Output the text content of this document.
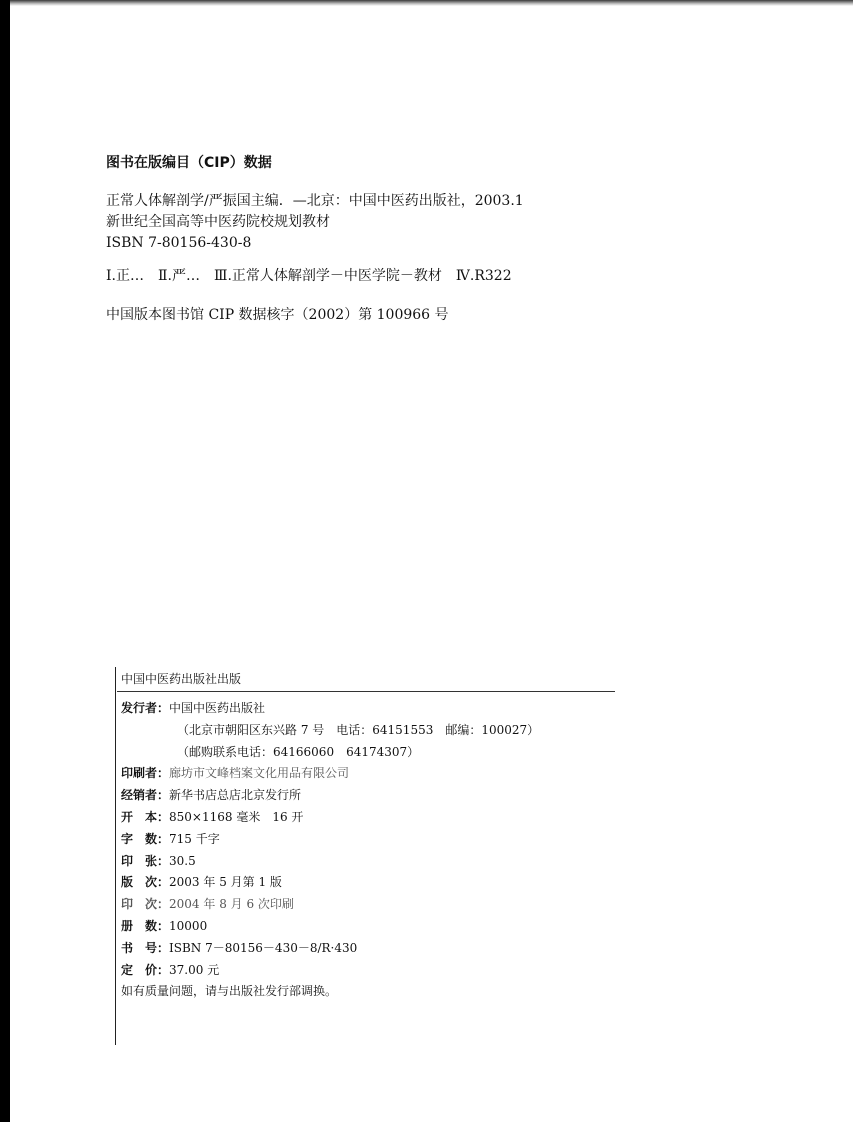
图书在版编目（CIP）数据
正常人体解剖学/严振国主编．—北京：中国中医药出版社，2003.1
新世纪全国高等中医药院校规划教材
ISBN 7-80156-430-8
Ⅰ.正…　Ⅱ.严…　Ⅲ.正常人体解剖学－中医学院－教材　Ⅳ.R322
中国版本图书馆 CIP 数据核字（2002）第 100966 号
中国中医药出版社出版
发行者 ： 中国中医药出版社
（北京市朝阳区东兴路 7 号　电话：64151553　邮编：100027）
（邮购联系电话：64166060　64174307）
印刷者 ： 廊坊市文峰档案文化用品有限公司
经销者 ： 新华书店总店北京发行所
开　本 ： 850×1168 毫米　16 开
字　数 ： 715 千字
印　张 ： 30.5
版　次 ： 2003 年 5 月第 1 版
印　次 ： 2004 年 8 月 6 次印刷
册　数 ： 10000
书　号 ： ISBN 7－80156－430－8/R·430
定　价 ： 37.00 元
如有质量问题，请与出版社发行部调换。
